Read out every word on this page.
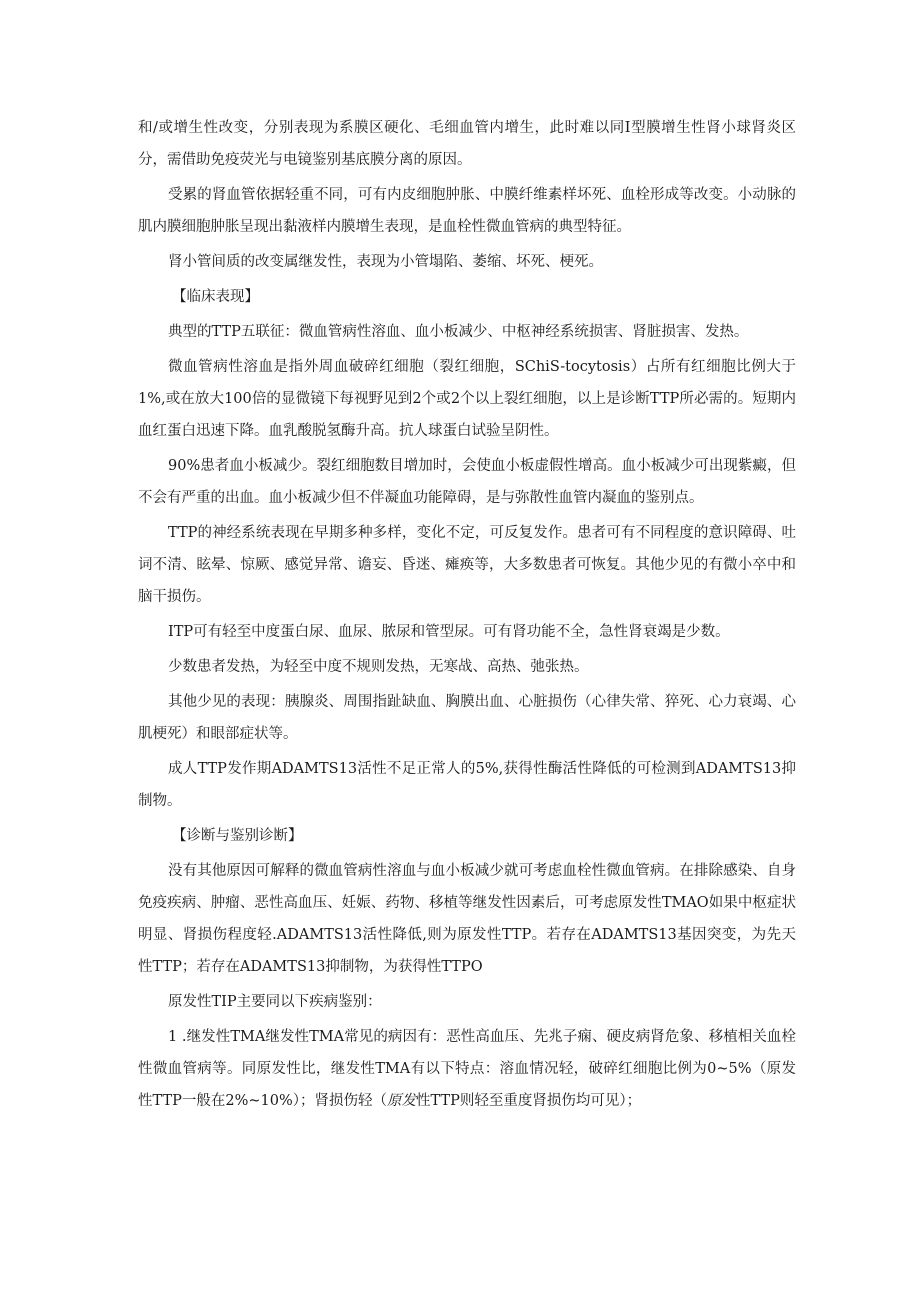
和/或增生性改变，分别表现为系膜区硬化、毛细血管内增生，此时难以同I型膜增生性肾小球肾炎区分，需借助免疫荧光与电镜鉴别基底膜分离的原因。

受累的肾血管依据轻重不同，可有内皮细胞肿胀、中膜纤维素样坏死、血栓形成等改变。小动脉的肌内膜细胞肿胀呈现出黏液样内膜增生表现，是血栓性微血管病的典型特征。

肾小管间质的改变属继发性，表现为小管塌陷、萎缩、坏死、梗死。

【临床表现】

典型的TTP五联征：微血管病性溶血、血小板减少、中枢神经系统损害、肾脏损害、发热。

微血管病性溶血是指外周血破碎红细胞（裂红细胞，SChiS-tocytosis）占所有红细胞比例大于1%,或在放大100倍的显微镜下每视野见到2个或2个以上裂红细胞，以上是诊断TTP所必需的。短期内血红蛋白迅速下降。血乳酸脱氢酶升高。抗人球蛋白试验呈阴性。

90%患者血小板减少。裂红细胞数目增加时，会使血小板虚假性增高。血小板减少可出现紫癜，但不会有严重的出血。血小板减少但不伴凝血功能障碍，是与弥散性血管内凝血的鉴别点。

TTP的神经系统表现在早期多种多样，变化不定，可反复发作。患者可有不同程度的意识障碍、吐词不清、眩晕、惊厥、感觉异常、谵妄、昏迷、瘫痪等，大多数患者可恢复。其他少见的有微小卒中和脑干损伤。

ITP可有轻至中度蛋白尿、血尿、脓尿和管型尿。可有肾功能不全，急性肾衰竭是少数。

少数患者发热，为轻至中度不规则发热，无寒战、高热、弛张热。

其他少见的表现：胰腺炎、周围指趾缺血、胸膜出血、心脏损伤（心律失常、猝死、心力衰竭、心肌梗死）和眼部症状等。

成人TTP发作期ADAMTS13活性不足正常人的5%,获得性酶活性降低的可检测到ADAMTS13抑制物。

【诊断与鉴别诊断】

没有其他原因可解释的微血管病性溶血与血小板减少就可考虑血栓性微血管病。在排除感染、自身免疫疾病、肿瘤、恶性高血压、妊娠、药物、移植等继发性因素后，可考虑原发性TMAO如果中枢症状明显、肾损伤程度轻.ADAMTS13活性降低,则为原发性TTP。若存在ADAMTS13基因突变，为先天性TTP；若存在ADAMTS13抑制物，为获得性TTPO

原发性TIP主要同以下疾病鉴别：

1 .继发性TMA继发性TMA常见的病因有：恶性高血压、先兆子痫、硬皮病肾危象、移植相关血栓性微血管病等。同原发性比，继发性TMA有以下特点：溶血情况轻，破碎红细胞比例为0~5%（原发性TTP一般在2%~10%）；肾损伤轻（原发性TTP则轻至重度肾损伤均可见）；
